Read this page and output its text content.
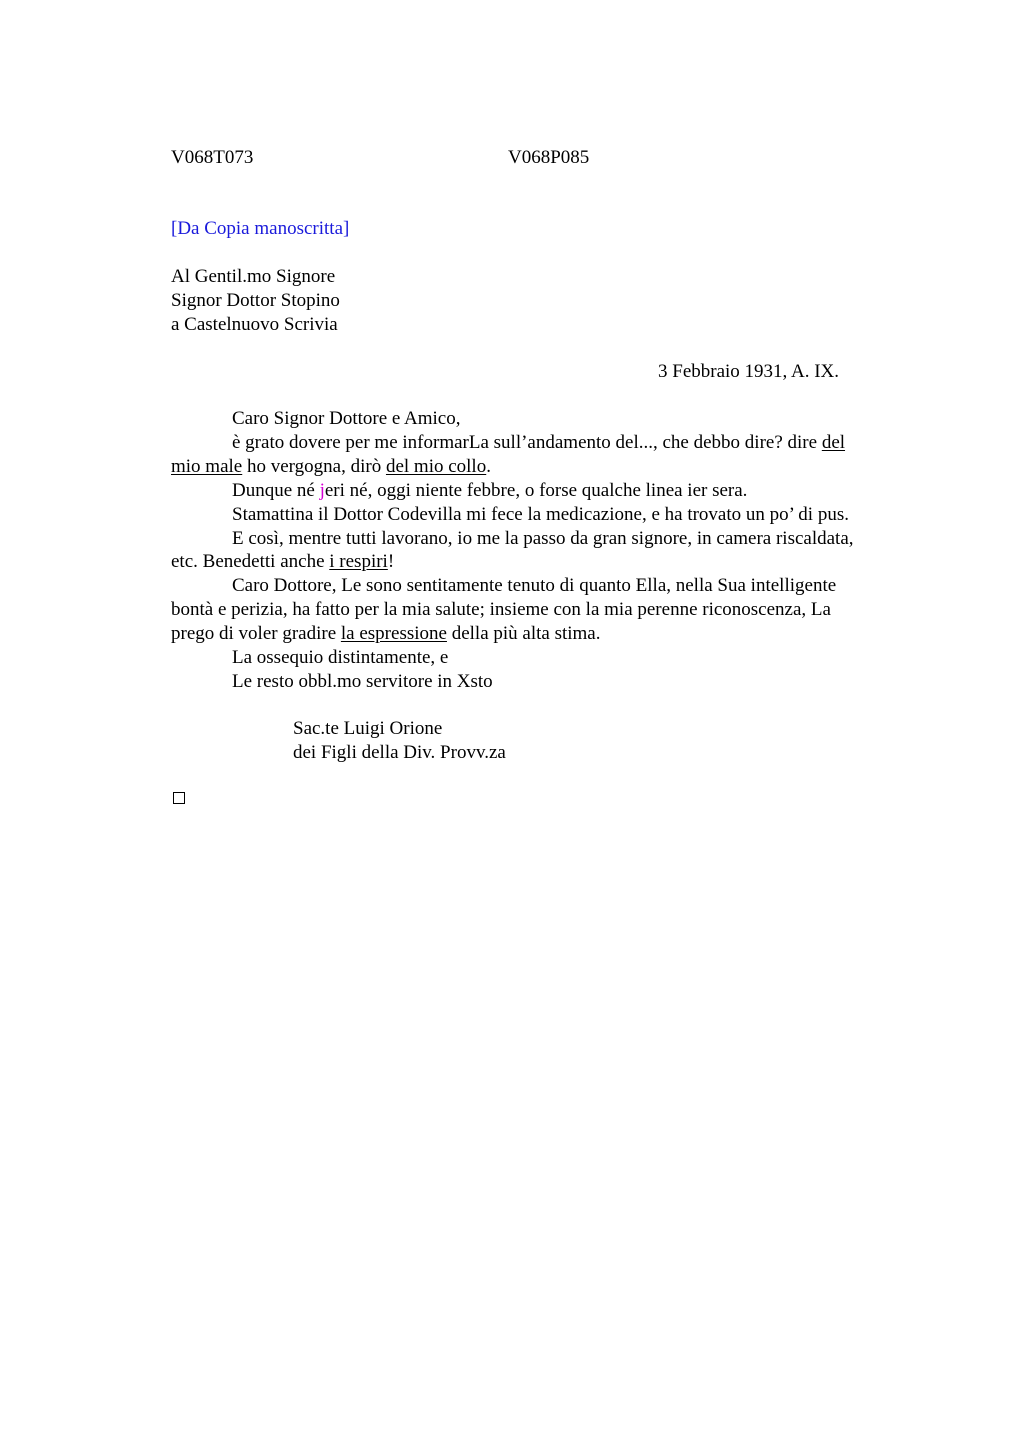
V068T073	V068P085
[Da Copia manoscritta]
Al Gentil.mo Signore
Signor Dottor Stopino
a Castelnuovo Scrivia
3 Febbraio 1931, A. IX.
Caro Signor Dottore e Amico,
è grato dovere per me informarLa sull’andamento del..., che debbo dire? dire del
mio male ho vergogna, dirò del mio collo.
Dunque né jeri né, oggi niente febbre, o forse qualche linea ier sera.
Stamattina il Dottor Codevilla mi fece la medicazione, e ha trovato un po’ di pus.
E così, mentre tutti lavorano, io me la passo da gran signore, in camera riscaldata,
etc. Benedetti anche i respiri!
Caro Dottore, Le sono sentitamente tenuto di quanto Ella, nella Sua intelligente
bontà e perizia, ha fatto per la mia salute; insieme con la mia perenne riconoscenza, La
prego di voler gradire la espressione della più alta stima.
La ossequio distintamente, e
Le resto obbl.mo servitore in Xsto
Sac.te Luigi Orione
dei Figli della Div. Provv.za
